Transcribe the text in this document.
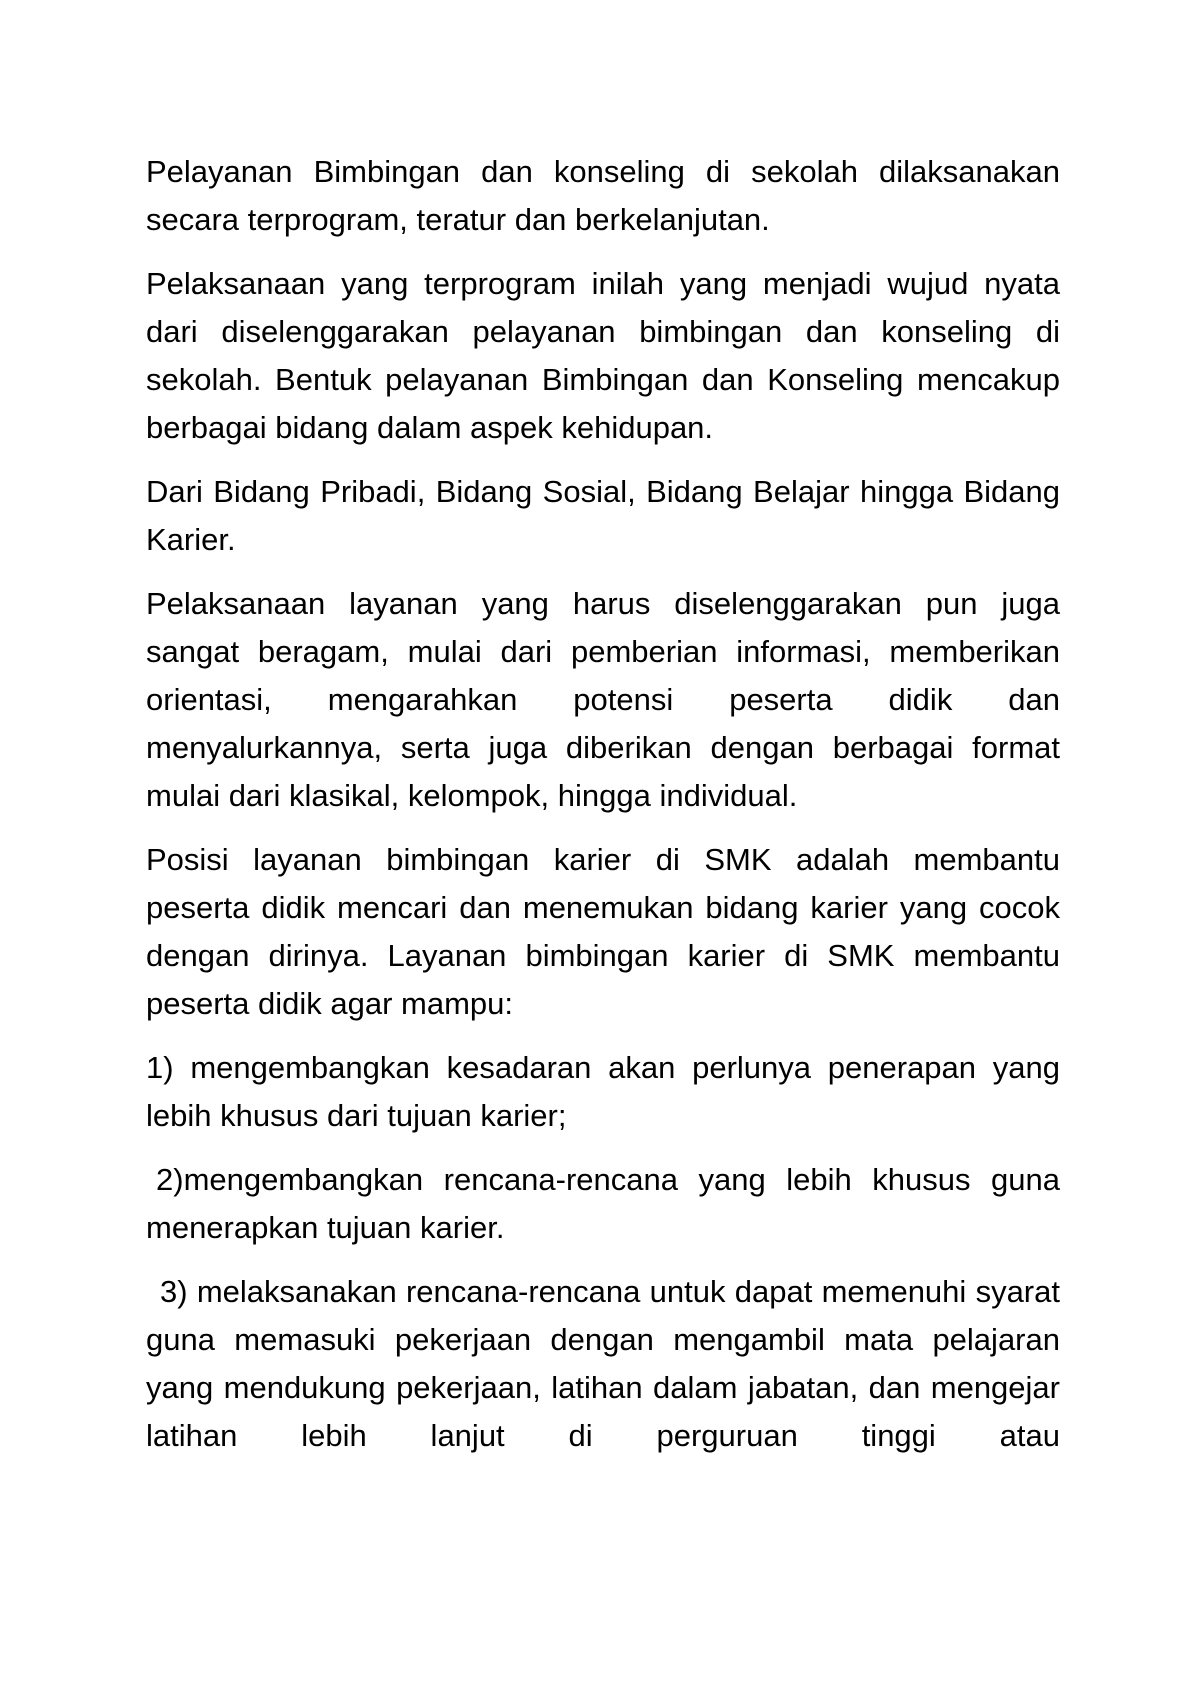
Pelayanan Bimbingan dan konseling di sekolah dilaksanakan secara terprogram, teratur dan berkelanjutan.

Pelaksanaan yang terprogram inilah yang menjadi wujud nyata dari diselenggarakan pelayanan bimbingan dan konseling di sekolah. Bentuk pelayanan Bimbingan dan Konseling mencakup berbagai bidang dalam aspek kehidupan.

Dari Bidang Pribadi, Bidang Sosial, Bidang Belajar hingga Bidang Karier.

Pelaksanaan layanan yang harus diselenggarakan pun juga sangat beragam, mulai dari pemberian informasi, memberikan orientasi, mengarahkan potensi peserta didik dan menyalurkannya, serta juga diberikan dengan berbagai format mulai dari klasikal, kelompok, hingga individual.

Posisi layanan bimbingan karier di SMK adalah membantu peserta didik mencari dan menemukan bidang karier yang cocok dengan dirinya. Layanan bimbingan karier di SMK membantu peserta didik agar mampu:

1) mengembangkan kesadaran akan perlunya penerapan yang lebih khusus dari tujuan karier;

2)mengembangkan rencana-rencana yang lebih khusus guna menerapkan tujuan karier.

3) melaksanakan rencana-rencana untuk dapat memenuhi syarat guna memasuki pekerjaan dengan mengambil mata pelajaran yang mendukung pekerjaan, latihan dalam jabatan, dan mengejar latihan lebih lanjut di perguruan tinggi atau
